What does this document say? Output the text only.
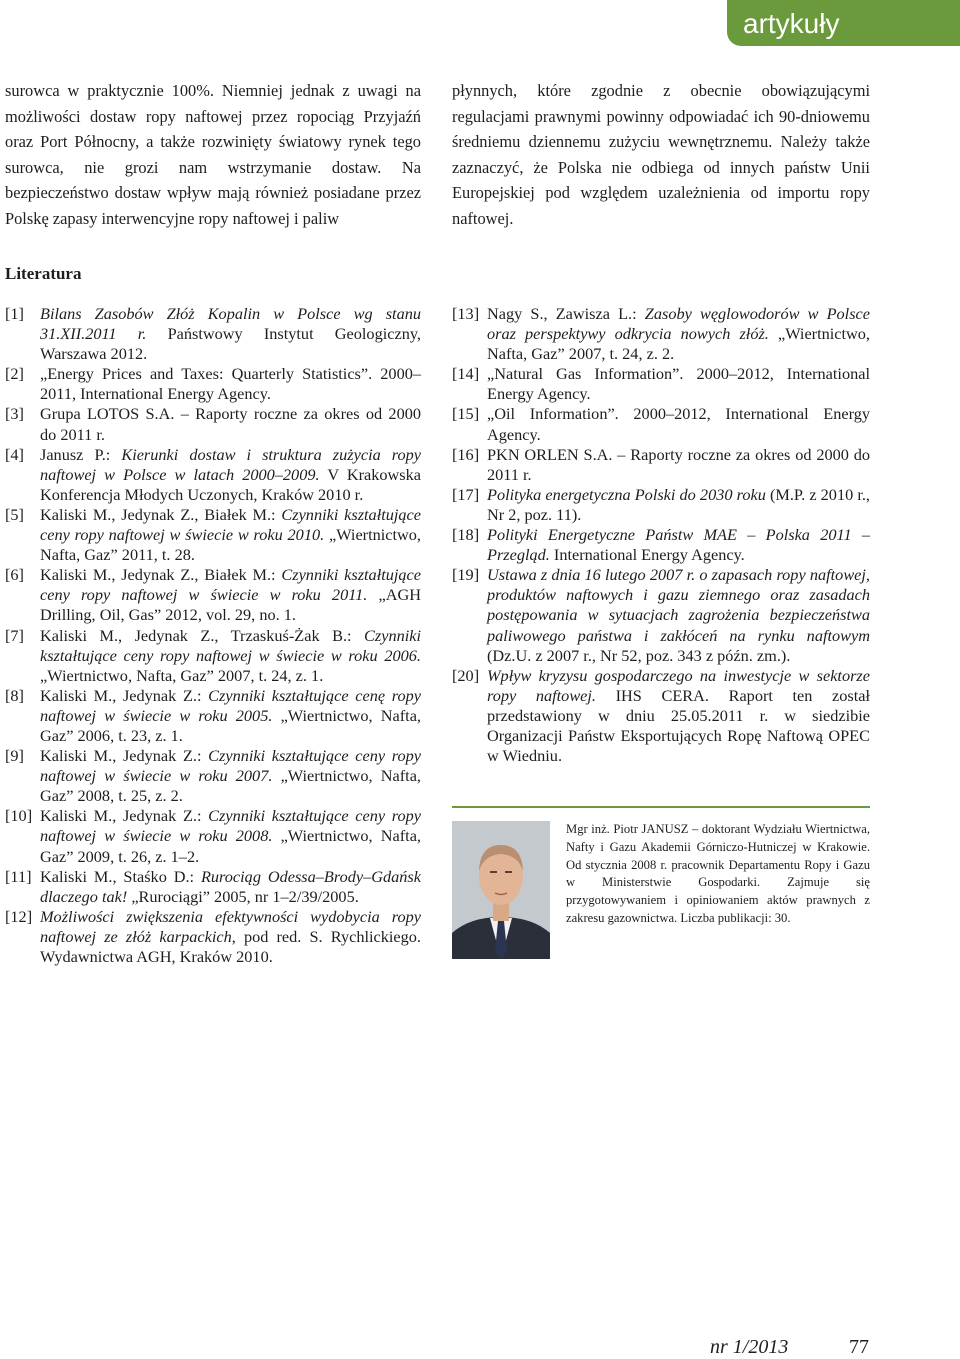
artykuły

surowca w praktycznie 100%. Niemniej jednak z uwagi na możliwości dostaw ropy naftowej przez ropociąg Przyjaźń oraz Port Północny, a także rozwinięty światowy rynek tego surowca, nie grozi nam wstrzymanie dostaw. Na bezpieczeństwo dostaw wpływ mają również posiadane przez Polskę zapasy interwencyjne ropy naftowej i paliw

płynnych, które zgodnie z obecnie obowiązującymi regulacjami prawnymi powinny odpowiadać ich 90-dniowemu średniemu dziennemu zużyciu wewnętrznemu. Należy także zaznaczyć, że Polska nie odbiega od innych państw Unii Europejskiej pod względem uzależnienia od importu ropy naftowej.

Literatura
[1] Bilans Zasobów Złóż Kopalin w Polsce wg stanu 31.XII.2011 r. Państwowy Instytut Geologiczny, Warszawa 2012.
[2] „Energy Prices and Taxes: Quarterly Statistics”. 2000–2011, International Energy Agency.
[3] Grupa LOTOS S.A. – Raporty roczne za okres od 2000 do 2011 r.
[4] Janusz P.: Kierunki dostaw i struktura zużycia ropy naftowej w Polsce w latach 2000–2009. V Krakowska Konferencja Młodych Uczonych, Kraków 2010 r.
[5] Kaliski M., Jedynak Z., Białek M.: Czynniki kształtujące ceny ropy naftowej w świecie w roku 2010. „Wiertnictwo, Nafta, Gaz” 2011, t. 28.
[6] Kaliski M., Jedynak Z., Białek M.: Czynniki kształtujące ceny ropy naftowej w świecie w roku 2011. „AGH Drilling, Oil, Gas” 2012, vol. 29, no. 1.
[7] Kaliski M., Jedynak Z., Trzaskuś-Żak B.: Czynniki kształtujące ceny ropy naftowej w świecie w roku 2006. „Wiertnictwo, Nafta, Gaz” 2007, t. 24, z. 1.
[8] Kaliski M., Jedynak Z.: Czynniki kształtujące cenę ropy naftowej w świecie w roku 2005. „Wiertnictwo, Nafta, Gaz” 2006, t. 23, z. 1.
[9] Kaliski M., Jedynak Z.: Czynniki kształtujące ceny ropy naftowej w świecie w roku 2007. „Wiertnictwo, Nafta, Gaz” 2008, t. 25, z. 2.
[10] Kaliski M., Jedynak Z.: Czynniki kształtujące ceny ropy naftowej w świecie w roku 2008. „Wiertnictwo, Nafta, Gaz” 2009, t. 26, z. 1–2.
[11] Kaliski M., Staśko D.: Rurociąg Odessa–Brody–Gdańsk dlaczego tak! „Rurociągi” 2005, nr 1–2/39/2005.
[12] Możliwości zwiększenia efektywności wydobycia ropy naftowej ze złóż karpackich, pod red. S. Rychlickiego. Wydawnictwa AGH, Kraków 2010.
[13] Nagy S., Zawisza L.: Zasoby węglowodorów w Polsce oraz perspektywy odkrycia nowych złóż. „Wiertnictwo, Nafta, Gaz” 2007, t. 24, z. 2.
[14] „Natural Gas Information”. 2000–2012, International Energy Agency.
[15] „Oil Information”. 2000–2012, International Energy Agency.
[16] PKN ORLEN S.A. – Raporty roczne za okres od 2000 do 2011 r.
[17] Polityka energetyczna Polski do 2030 roku (M.P. z 2010 r., Nr 2, poz. 11).
[18] Polityki Energetyczne Państw MAE – Polska 2011 – Przegląd. International Energy Agency.
[19] Ustawa z dnia 16 lutego 2007 r. o zapasach ropy naftowej, produktów naftowych i gazu ziemnego oraz zasadach postępowania w sytuacjach zagrożenia bezpieczeństwa paliwowego państwa i zakłóceń na rynku naftowym (Dz.U. z 2007 r., Nr 52, poz. 343 z późn. zm.).
[20] Wpływ kryzysu gospodarczego na inwestycje w sektorze ropy naftowej. IHS CERA. Raport ten został przedstawiony w dniu 25.05.2011 r. w siedzibie Organizacji Państw Eksportujących Ropę Naftową OPEC w Wiedniu.
Mgr inż. Piotr JANUSZ – doktorant Wydziału Wiertnictwa, Nafty i Gazu Akademii Górniczo-Hutniczej w Krakowie. Od stycznia 2008 r. pracownik Departamentu Ropy i Gazu w Ministerstwie Gospodarki. Zajmuje się przygotowywaniem i opiniowaniem aktów prawnych z zakresu gazownictwa. Liczba publikacji: 30.
nr 1/2013	77
